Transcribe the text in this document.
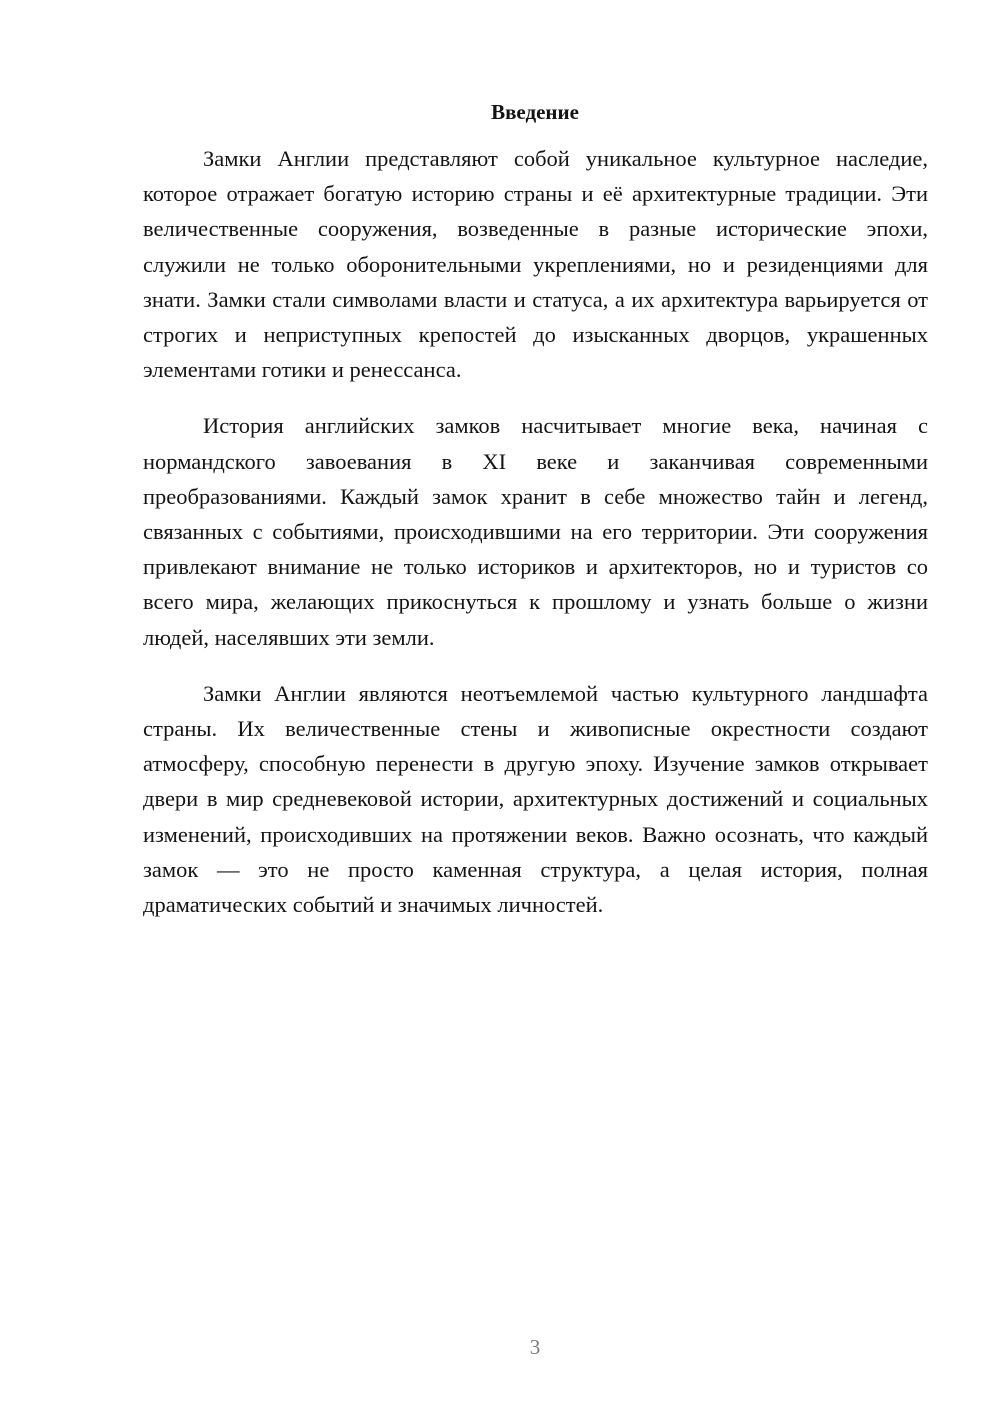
Введение

Замки Англии представляют собой уникальное культурное наследие, которое отражает богатую историю страны и её архитектурные традиции. Эти величественные сооружения, возведенные в разные исторические эпохи, служили не только оборонительными укреплениями, но и резиденциями для знати. Замки стали символами власти и статуса, а их архитектура варьируется от строгих и неприступных крепостей до изысканных дворцов, украшенных элементами готики и ренессанса.

История английских замков насчитывает многие века, начиная с нормандского завоевания в XI веке и заканчивая современными преобразованиями. Каждый замок хранит в себе множество тайн и легенд, связанных с событиями, происходившими на его территории. Эти сооружения привлекают внимание не только историков и архитекторов, но и туристов со всего мира, желающих прикоснуться к прошлому и узнать больше о жизни людей, населявших эти земли.

Замки Англии являются неотъемлемой частью культурного ландшафта страны. Их величественные стены и живописные окрестности создают атмосферу, способную перенести в другую эпоху. Изучение замков открывает двери в мир средневековой истории, архитектурных достижений и социальных изменений, происходивших на протяжении веков. Важно осознать, что каждый замок — это не просто каменная структура, а целая история, полная драматических событий и значимых личностей.

3
